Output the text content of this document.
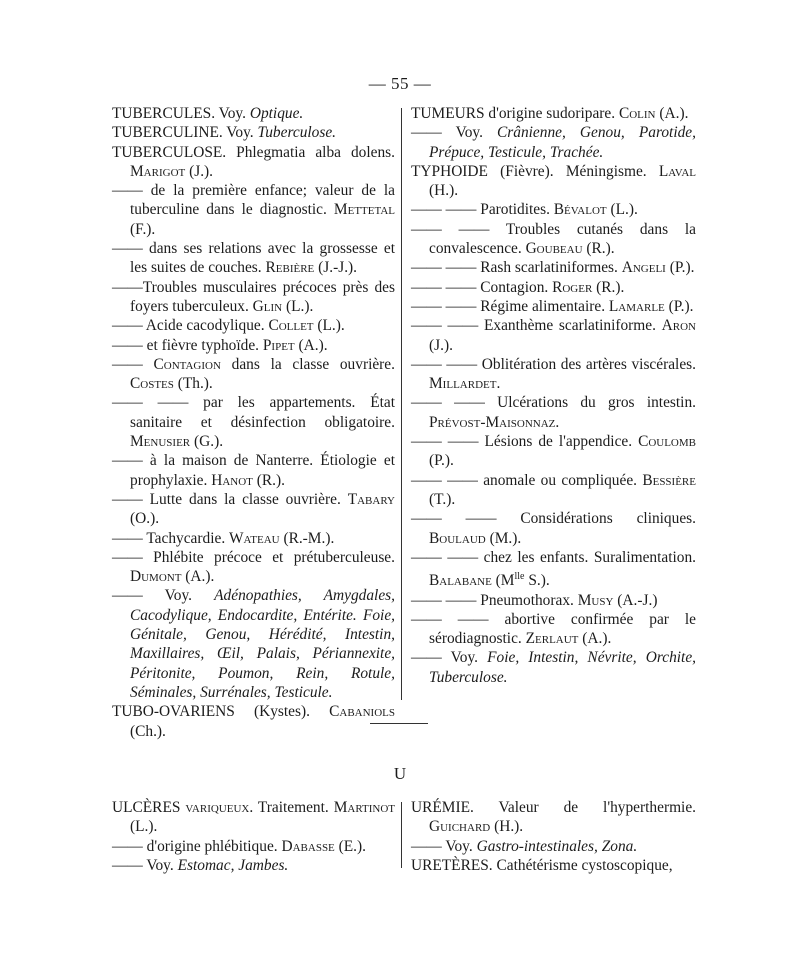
— 55 —
TUBERCULES. Voy. Optique.
TUBERCULINE. Voy. Tuberculose.
TUBERCULOSE. Phlegmatia alba dolens. Marigot (J.).
—— de la première enfance; valeur de la tuberculine dans le diagnostic. Mettetal (F.).
—— dans ses relations avec la grossesse et les suites de couches. Rebière (J.-J.).
——Troubles musculaires précoces près des foyers tuberculeux. Glin (L.).
—— Acide cacodylique. Collet (L.).
—— et fièvre typhoïde. Pipet (A.).
—— Contagion dans la classe ouvrière. Costes (Th.).
—— —— par les appartements. État sanitaire et désinfection obligatoire. Menusier (G.).
—— à la maison de Nanterre. Étiologie et prophylaxie. Hanot (R.).
—— Lutte dans la classe ouvrière. Tabary (O.).
—— Tachycardie. Wateau (R.-M.).
—— Phlébite précoce et prétuberculeuse. Dumont (A.).
—— Voy. Adénopathies, Amygdales, Cacodylique, Endocardite, Entérite. Foie, Génitale, Genou, Hérédité, Intestin, Maxillaires, Œil, Palais, Périannexite, Péritonite, Poumon, Rein, Rotule, Séminales, Surrénales, Testicule.
TUBO-OVARIENS (Kystes). Cabaniols (Ch.).
TUMEURS d'origine sudoripare. Colin (A.).
—— Voy. Crânienne, Genou, Parotide, Prépuce, Testicule, Trachée.
TYPHOIDE (Fièvre). Méningisme. Laval (H.).
—— —— Parotidites. Bévalot (L.).
—— —— Troubles cutanés dans la convalescence. Goubeau (R.).
—— —— Rash scarlatiniformes. Angeli (P.).
—— —— Contagion. Roger (R.).
—— —— Régime alimentaire. Lamarle (P.).
—— —— Exanthème scarlatiniforme. Aron (J.).
—— —— Oblitération des artères viscérales. Millardet.
—— —— Ulcérations du gros intestin. Prévost-Maisonnaz.
—— —— Lésions de l'appendice. Coulomb (P.).
—— —— anomale ou compliquée. Bessière (T.).
—— —— Considérations cliniques. Boulaud (M.).
—— —— chez les enfants. Suralimentation. Balabane ($M^{lle}$ S.).
—— —— Pneumothorax. Musy (A.-J.)
—— —— abortive confirmée par le sérodiagnostic. Zerlaut (A.).
—— Voy. Foie, Intestin, Névrite, Orchite, Tuberculose.
U
ULCÈRES variqueux. Traitement. Martinot (L.).
—— d'origine phlébitique. Dabasse (E.).
—— Voy. Estomac, Jambes.
URÉMIE. Valeur de l'hyperthermie. Guichard (H.).
—— Voy. Gastro-intestinales, Zona.
URETÈRES. Cathétérisme cystoscopique,
